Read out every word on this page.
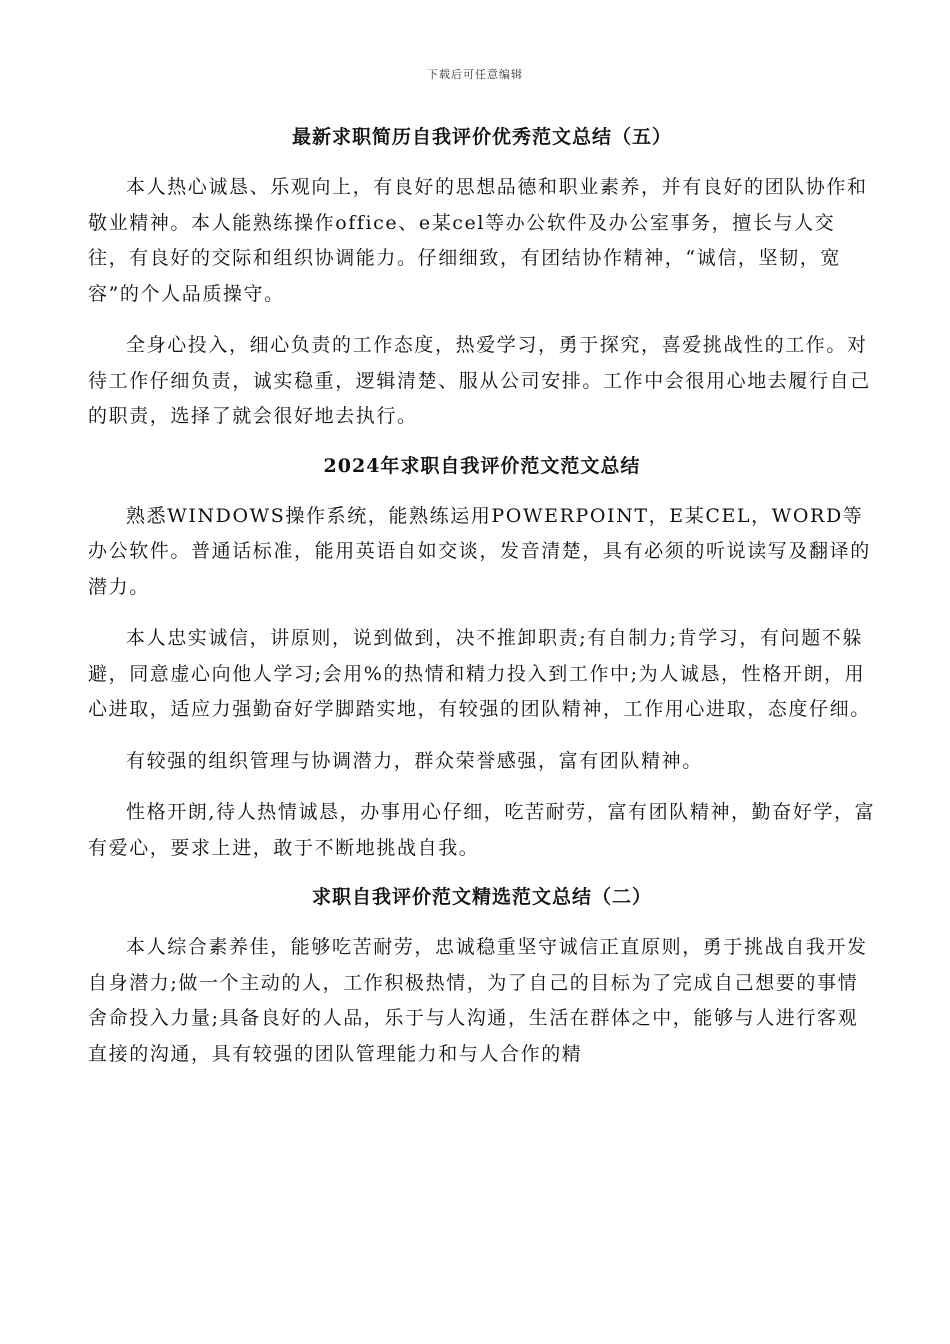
下载后可任意编辑
最新求职简历自我评价优秀范文总结（五）

本人热心诚恳、乐观向上，有良好的思想品德和职业素养，并有良好的团队协作和敬业精神。本人能熟练操作office、e某cel等办公软件及办公室事务，擅长与人交往，有良好的交际和组织协调能力。仔细细致，有团结协作精神，“诚信，坚韧，宽容”的个人品质操守。

全身心投入，细心负责的工作态度，热爱学习，勇于探究，喜爱挑战性的工作。对待工作仔细负责，诚实稳重，逻辑清楚、服从公司安排。工作中会很用心地去履行自己的职责，选择了就会很好地去执行。

2024年求职自我评价范文范文总结

熟悉WINDOWS操作系统，能熟练运用POWERPOINT，E某CEL，WORD等办公软件。普通话标准，能用英语自如交谈，发音清楚，具有必须的听说读写及翻译的潜力。

本人忠实诚信，讲原则，说到做到，决不推卸职责;有自制力;肯学习，有问题不躲避，同意虚心向他人学习;会用%的热情和精力投入到工作中;为人诚恳，性格开朗，用心进取，适应力强勤奋好学脚踏实地，有较强的团队精神，工作用心进取，态度仔细。

有较强的组织管理与协调潜力，群众荣誉感强，富有团队精神。

性格开朗,待人热情诚恳，办事用心仔细，吃苦耐劳，富有团队精神，勤奋好学，富有爱心，要求上进，敢于不断地挑战自我。

求职自我评价范文精选范文总结（二）

本人综合素养佳，能够吃苦耐劳，忠诚稳重坚守诚信正直原则，勇于挑战自我开发自身潜力;做一个主动的人，工作积极热情，为了自己的目标为了完成自己想要的事情舍命投入力量;具备良好的人品，乐于与人沟通，生活在群体之中，能够与人进行客观直接的沟通，具有较强的团队管理能力和与人合作的精
